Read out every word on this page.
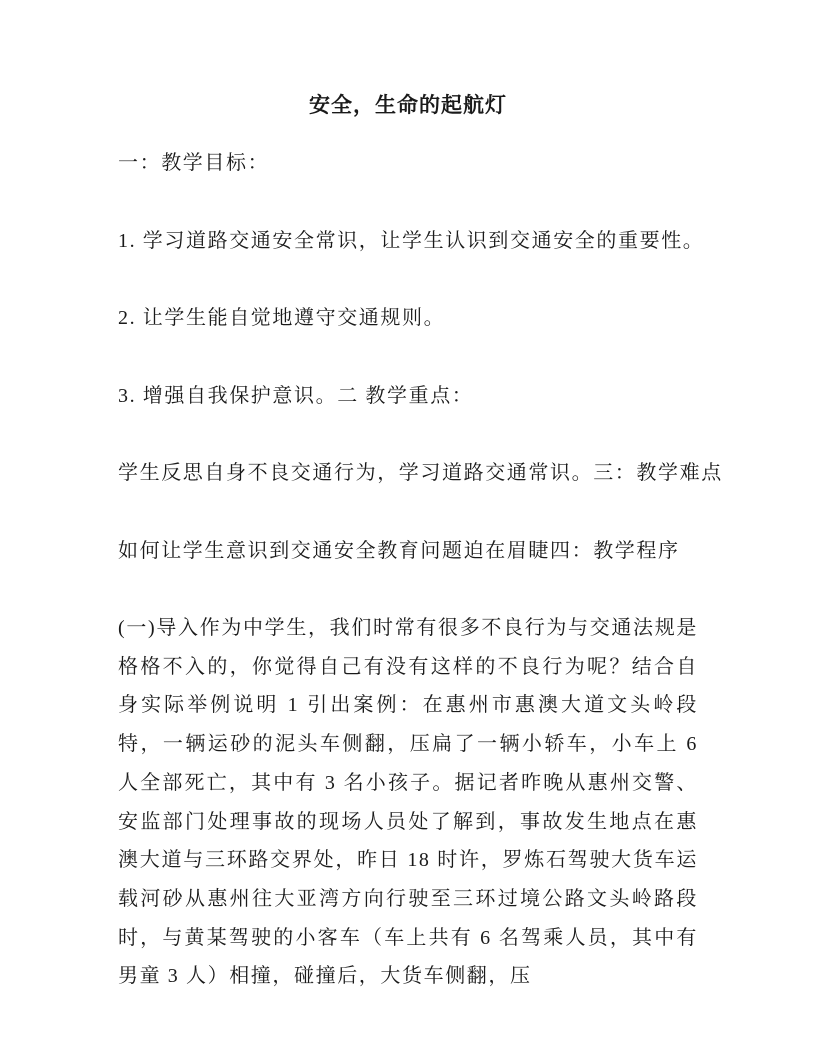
安全，生命的起航灯

一：教学目标：

1. 学习道路交通安全常识，让学生认识到交通安全的重要性。

2. 让学生能自觉地遵守交通规则。

3. 增强自我保护意识。二 教学重点：

学生反思自身不良交通行为，学习道路交通常识。三：教学难点

如何让学生意识到交通安全教育问题迫在眉睫四：教学程序

(一)导入作为中学生，我们时常有很多不良行为与交通法规是格格不入的，你觉得自己有没有这样的不良行为呢？结合自身实际举例说明 1 引出案例：在惠州市惠澳大道文头岭段特，一辆运砂的泥头车侧翻，压扁了一辆小轿车，小车上 6 人全部死亡，其中有 3 名小孩子。据记者昨晚从惠州交警、安监部门处理事故的现场人员处了解到，事故发生地点在惠澳大道与三环路交界处，昨日 18 时许，罗炼石驾驶大货车运载河砂从惠州往大亚湾方向行驶至三环过境公路文头岭路段时，与黄某驾驶的小客车（车上共有 6 名驾乘人员，其中有男童 3 人）相撞，碰撞后，大货车侧翻，压
